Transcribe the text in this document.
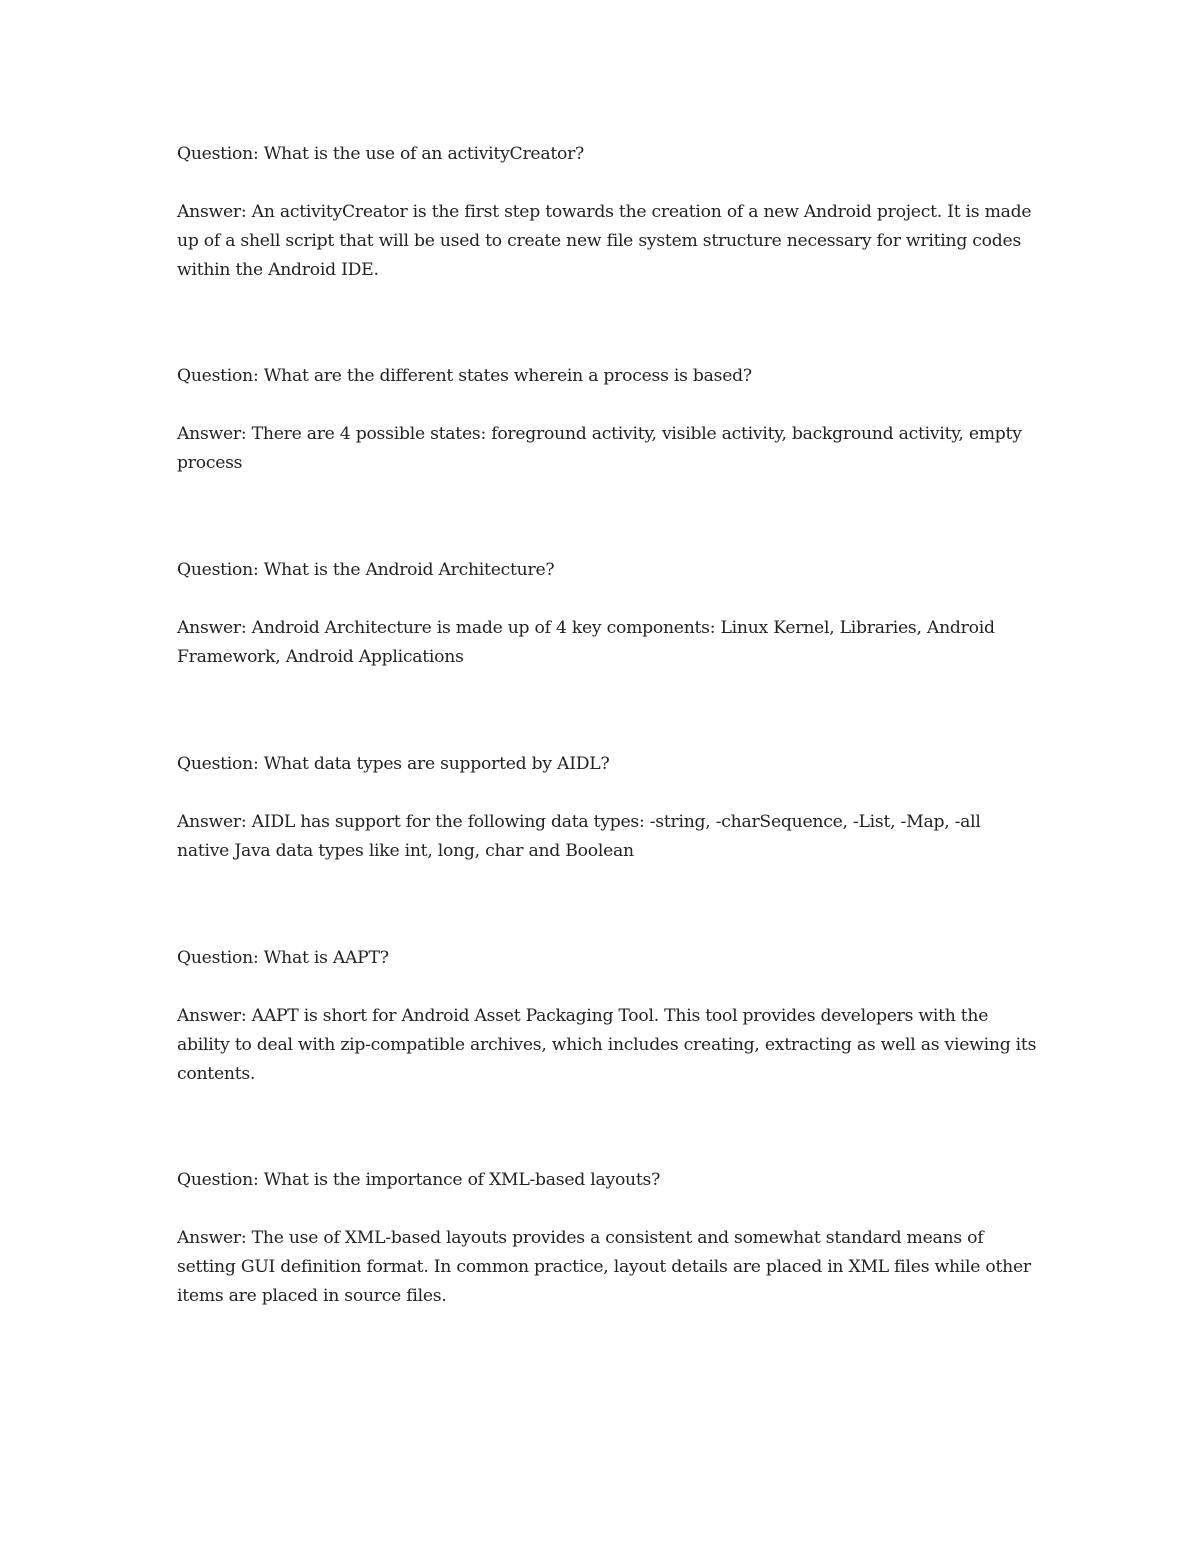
Question: What is the use of an activityCreator?

Answer: An activityCreator is the first step towards the creation of a new Android project. It is made up of a shell script that will be used to create new file system structure necessary for writing codes within the Android IDE.

Question: What are the different states wherein a process is based?

Answer: There are 4 possible states: foreground activity, visible activity, background activity, empty process

Question: What is the Android Architecture?

Answer: Android Architecture is made up of 4 key components: Linux Kernel, Libraries, Android Framework, Android Applications

Question: What data types are supported by AIDL?

Answer: AIDL has support for the following data types: -string, -charSequence, -List, -Map, -all native Java data types like int, long, char and Boolean

Question: What is AAPT?

Answer: AAPT is short for Android Asset Packaging Tool. This tool provides developers with the ability to deal with zip-compatible archives, which includes creating, extracting as well as viewing its contents.

Question: What is the importance of XML-based layouts?

Answer: The use of XML-based layouts provides a consistent and somewhat standard means of setting GUI definition format. In common practice, layout details are placed in XML files while other items are placed in source files.
